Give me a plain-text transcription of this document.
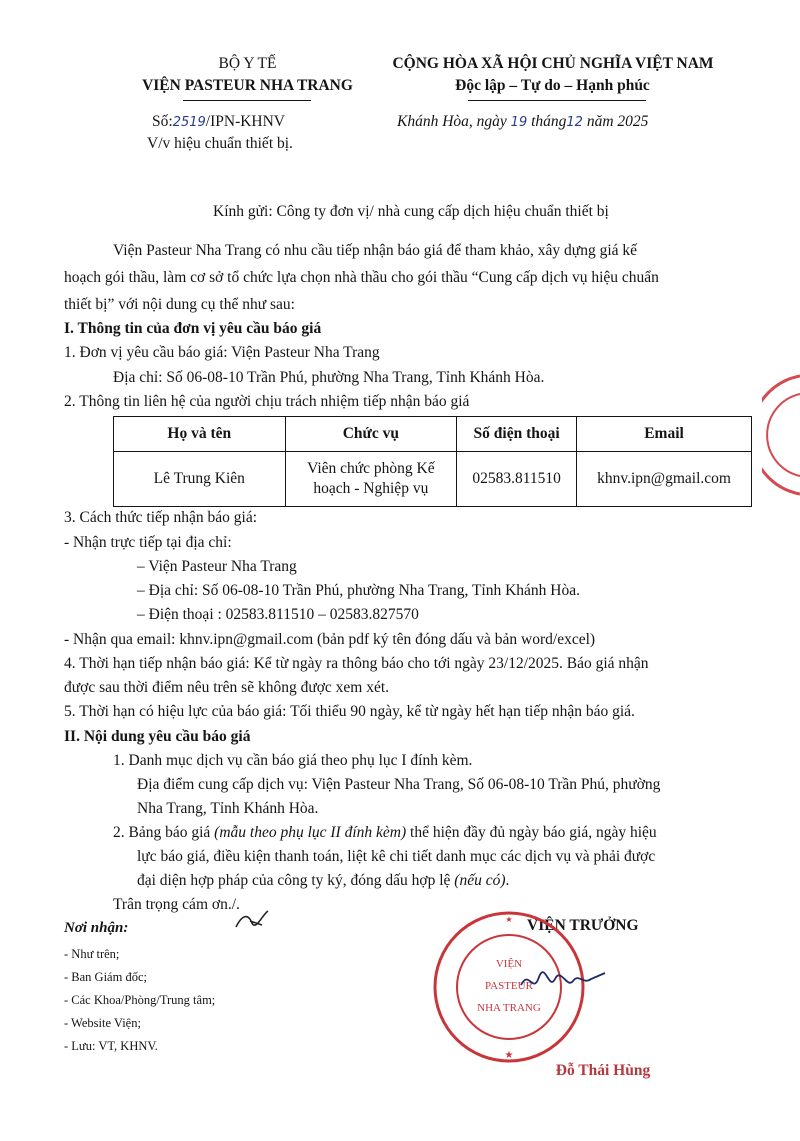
BỘ Y TẾ
VIỆN PASTEUR NHA TRANG
Số:2519/IPN-KHNV
V/v hiệu chuẩn thiết bị.
CỘNG HÒA XÃ HỘI CHỦ NGHĨA VIỆT NAM
Độc lập – Tự do – Hạnh phúc
Khánh Hòa, ngày 19 tháng12 năm 2025
Kính gửi: Công ty đơn vị/ nhà cung cấp dịch hiệu chuẩn thiết bị
Viện Pasteur Nha Trang có nhu cầu tiếp nhận báo giá để tham khảo, xây dựng giá kế
hoạch gói thầu, làm cơ sở tổ chức lựa chọn nhà thầu cho gói thầu “Cung cấp dịch vụ hiệu chuẩn
thiết bị” với nội dung cụ thể như sau:
I. Thông tin của đơn vị yêu cầu báo giá
1. Đơn vị yêu cầu báo giá: Viện Pasteur Nha Trang
Địa chỉ: Số 06-08-10 Trần Phú, phường Nha Trang, Tỉnh Khánh Hòa.
2. Thông tin liên hệ của người chịu trách nhiệm tiếp nhận báo giá
Họ và tên	Chức vụ	Số điện thoại	Email
Lê Trung Kiên	Viên chức phòng Kế hoạch - Nghiệp vụ	02583.811510	khnv.ipn@gmail.com
3. Cách thức tiếp nhận báo giá:
- Nhận trực tiếp tại địa chỉ:
– Viện Pasteur Nha Trang
– Địa chỉ: Số 06-08-10 Trần Phú, phường Nha Trang, Tỉnh Khánh Hòa.
– Điện thoại : 02583.811510 – 02583.827570
- Nhận qua email: khnv.ipn@gmail.com (bản pdf ký tên đóng dấu và bản word/excel)
4. Thời hạn tiếp nhận báo giá: Kể từ ngày ra thông báo cho tới ngày 23/12/2025. Báo giá nhận
được sau thời điểm nêu trên sẽ không được xem xét.
5. Thời hạn có hiệu lực của báo giá: Tối thiểu 90 ngày, kể từ ngày hết hạn tiếp nhận báo giá.
II. Nội dung yêu cầu báo giá
1. Danh mục dịch vụ cần báo giá theo phụ lục I đính kèm.
Địa điểm cung cấp dịch vụ: Viện Pasteur Nha Trang, Số 06-08-10 Trần Phú, phường
Nha Trang, Tỉnh Khánh Hòa.
2. Bảng báo giá (mẫu theo phụ lục II đính kèm) thể hiện đầy đủ ngày báo giá, ngày hiệu
lực báo giá, điều kiện thanh toán, liệt kê chi tiết danh mục các dịch vụ và phải được
đại diện hợp pháp của công ty ký, đóng dấu hợp lệ (nếu có).
Trân trọng cám ơn./.
Nơi nhận:
- Như trên;
- Ban Giám đốc;
- Các Khoa/Phòng/Trung tâm;
- Website Viện;
- Lưu: VT, KHNV.
VIỆN TRƯỞNG
★
★
VIỆN
PASTEUR
NHA TRANG
Đỗ Thái Hùng
